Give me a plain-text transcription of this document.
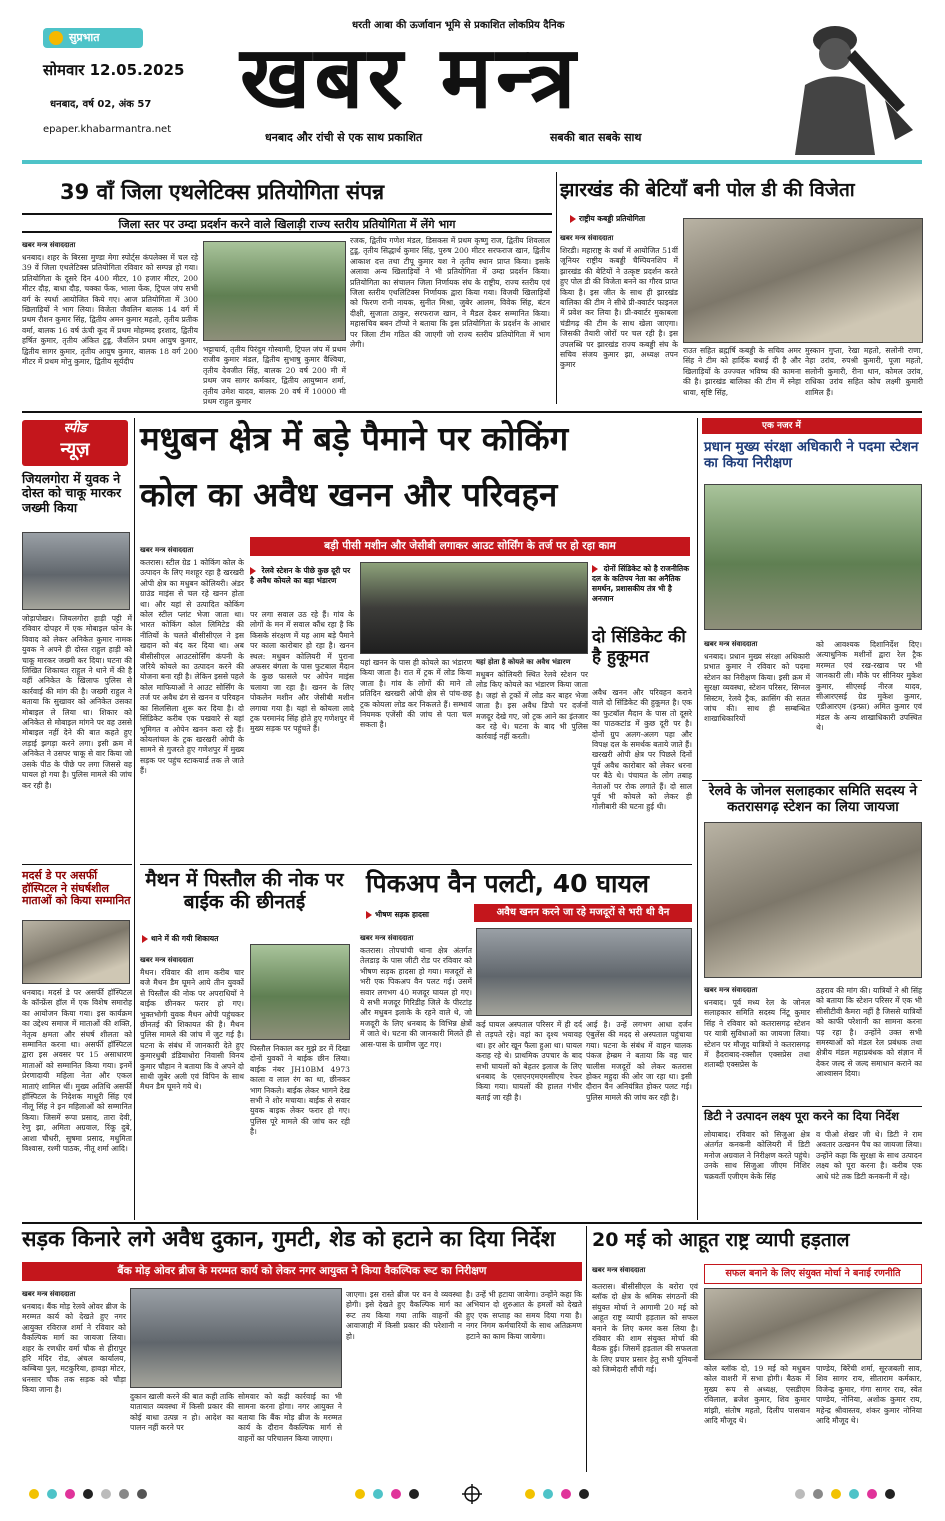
सुप्रभात
सोमवार 12.05.2025
धनबाद, वर्ष 02, अंक 57
epaper.khabarmantra.net
धरती आबा की ऊर्जावान भूमि से प्रकाशित लोकप्रिय दैनिक
खबर मन्त्र
धनबाद और रांची से एक साथ प्रकाशित	सबकी बात सबके साथ
39 वॉं जिला एथलेटिक्स प्रतियोगिता संपन्न
जिला स्तर पर उम्दा प्रदर्शन करने वाले खिलाड़ी राज्य स्तरीय प्रतियोगिता में लेंगे भाग
खबर मन्त्र संवाददाता
धनबाद। शहर के बिरसा मुण्डा मेगा स्पोर्ट्स कंपलेक्स में चल रहे 39 वें जिला एथलेटिक्स प्रतियोगिता रविवार को सम्पन्न हो गया। प्रतियोगिता के दूसरे दिन 400 मीटर, 10 हजार मीटर, 200 मीटर दौड़, बाधा दौड़, चक्का फेंक, भाला फेंक, ट्रिपल जंप सभी वर्ग के स्पर्धा आयोजित किये गए। आज प्रतियोगिता में 300 खिलाड़ियों ने भाग लिया। विजेता जैवलिन बालक 14 वर्ग में प्रथम रौशन कुमार सिंह, द्वितीय अमन कुमार महतो, तृतीय प्रतीक वर्मा, बालक 16 वर्ष ऊंची कूद में प्रथम मोहम्मद इरशाद, द्वितीय हर्षित कुमार, तृतीय अंकित टुडू, जैवलिन प्रथम आयुष कुमार, द्वितीय सागर कुमार, तृतीय आयुष कुमार, बालक 18 वर्ग 200 मीटर में प्रथम मोनु कुमार, द्वितीय सूर्यदीप
भट्टाचार्य, तृतीय पिरंदुम गोस्वामी, ट्रिपल जंप में प्रथम राजीव कुमार मंडल, द्वितीय सुभाषु कुमार वैश्विया, तृतीय देवजीत सिंह, बालक 20 वर्ष 200 मी में प्रथम जय सागर कर्मकार, द्वितीय आयुष्मान शर्मा, तृतीय उमेश यादव, बालक 20 वर्ष में 10000 मी प्रथम राहुल कुमार
रजक, द्वितीय गणेश मंडल, डिसकस में प्रथम कृष्णु राज, द्वितीय शिवलाल टुडू, तृतीय सिद्धार्थ कुमार सिंह, पुरुष 200 मीटर सरफराज खान, द्वितीय आकाश दत्त तथा टीपू कुमार यश ने तृतीय स्थान प्राप्त किया। इसके अलावा अन्य खिलाड़ियों ने भी प्रतियोगिता में उम्दा प्रदर्शन किया। प्रतियोगिता का संचालन जिला निर्णायक संघ के राष्ट्रीय, राज्य स्तरीय एवं जिला स्तरीय एथलिटिक्स निर्णायक द्वारा किया गया। विजयी खिलाड़ियों को फिरण रानी नायक, सुनीत मिश्रा, जुबेर आलम, विवेक सिंह, बंटन दीक्षी, सुजाता ठाकुर, सरफराज खान, ने मैडल देकर सम्मानित किया। महासचिव बबन टॉप्पो ने बताया कि इस प्रतियोगिता के प्रदर्शन के आधार पर जिला टीम गठित की जाएगी जो राज्य स्तरीय प्रतियोगिता में भाग लेगी।
झारखंड की बेटियाँ बनी पोल डी की विजेता
राष्ट्रीय कबड्डी प्रतियोगिता
खबर मन्त्र संवाददाता
शिरडी। महाराष्ट्र के वर्धा में आयोजित 51वीं जूनियर राष्ट्रीय कबड्डी चैम्पियनशिप में झारखंड की बेटियों ने उत्कृष्ट प्रदर्शन करते हुए पोल डी की विजेता बनने का गौरव प्राप्त किया है। इस जीत के साथ ही झारखंड बालिका की टीम ने सीधे प्री-क्वार्टर फाइनल में प्रवेश कर लिया है। प्री-क्वार्टर मुकाबला चंडीगढ़ की टीम के साथ खेला जाएगा। जिसकी तैयारी जोरों पर चल रही है। इस उपलब्धि पर झारखंड राज्य कबड्डी संघ के सचिव संजय कुमार झा, अध्यक्ष तपन कुमार
राउत सहित ब्रह्मर्षि कबड्डी के सचिव अमर सिंह ने टीम को हार्दिक बधाई दी है और खिलाड़ियों के उज्ज्वल भविष्य की कामना की है। झारखंड बालिका की टीम में स्नेहा धावा, सृष्टि सिंह,
मुस्कान गुप्ता, रेखा महतो, सलोनी राणा, नेहा उरांव, रुपश्री कुमारी, पूजा महतो, सलोनी कुमारी, रीना थान, कोमल उरांव, राधिका उरांव सहित कोच लक्ष्मी कुमारी शामिल हैं।
स्पीड
न्यूज़
जियलगोरा में युवक ने दोस्त को चाकू मारकर जख्मी किया
जोड़ापोखर। जियलगोरा हाड़ी पट्टी में रविवार दोपहर में एक मोबाइल फोन के विवाद को लेकर अनिकेत कुमार नामक युवक ने अपने ही दोस्त राहुल हाड़ी को चाकू मारकर जख्मी कर दिया। घटना की लिखित शिकायत राहुल ने थाने में की है वहीं अनिकेत के खिलाफ पुलिस से कार्रवाई की मांग की है। जख्मी राहुल ने बताया कि सुखावर को अनिकेत उसका मोबाइल ले लिया था। शिकार को अनिकेत से मोबाइल मांगने पर वह उससे मोबाइल नहीं देने की बात कहते हुए लड़ाई झगड़ा करने लगा। इसी क्रम में अनिकेत ने उसपर चाकू से वार किया जो उसके पीठ के पीछे पर लगा जिससे वह घायल हो गया है। पुलिस मामले की जांच कर रही है।
मदर्स डे पर असर्फी हॉस्पिटल ने संघर्षशील माताओं को किया सम्मानित
धनबाद। मदर्स डे पर असर्फी हॉस्पिटल के कॉन्फ्रेंस हॉल में एक विशेष समारोह का आयोजन किया गया। इस कार्यक्रम का उद्देश्य समाज में माताओं की शक्ति, नेतृत्व क्षमता और संघर्ष शीलता को सम्मानित करना था। असर्फी हॉस्पिटल द्वारा इस अवसर पर 15 असाधारण माताओं को सम्मानित किया गया। इनमें प्रेरणादायी महिला नेता और एकल माताएं शामिल थीं। मुख्य अतिथि असर्फी हॉस्पिटल के निदेशक माधुरी सिंह एवं नीलू सिंह ने इन महिलाओं को सम्मानित किया। जिसमें रूपा प्रसाद, तारा देवी, रेणु झा, अमिता अग्रवाल, रिंकू दुबे, आशा चौधरी, सुषमा प्रसाद, मधुमिता विश्वास, रश्मी पाठक, नीतू शर्मा आदि।
मधुबन क्षेत्र में बड़े पैमाने पर कोकिंग
कोल का अवैध खनन और परिवहन
बड़ी पीसी मशीन और जेसीबी लगाकर आउट सोर्सिंग के तर्ज पर हो रहा काम
खबर मन्त्र संवाददाता
कतरास। स्टील ग्रेड 1 कोकिंग कोल के उत्पादन के लिए मशहूर रहा है खरखरी ओपी क्षेत्र का मधुबन कोलियरी। अंडर ग्राउंड माइंस से चल रहे खनन होता था। और यहां से उत्पादित कोकिंग कोल स्टील प्लांट भेजा जाता था। भारत कोकिंग कोल लिमिटेड की नीतियों के चलते बीसीसीएल ने इस खदान को बंद कर दिया था। अब बीसीसीएल आउटसोर्सिंग कंपनी के जरिये कोयले का उत्पादन करने की योजना बना रही है। लेकिन इससे पहले कोल माफियाओं ने आउट सोर्सिंग के तर्ज पर अवैध ढंग से खनन व परिवहन का सिलसिला शुरू कर दिया है। दो सिंडिकेट करीब एक पखवारे से यहां भूमिगत व ओपेन खनन करा रहे हैं। कोयलांचल के ट्रक खरखरी ओपी के सामने से गुजरते हुए गणेशपुर में मुख्य सड़क पर पहुंच स्टाकयार्ड तक ले जाते हैं।
रेलवे स्टेशन के पीछे कुछ दूरी पर है अवैध कोयले का बड़ा भंडारण
पर लगा सवाल उठ रहे हैं। गांव के लोगों के मन में सवाल कौंध रहा है कि किसके संरक्षण में यह आम बड़े पैमाने पर काला कारोबार हो रहा है। खनन स्थल: मधुबन कोलियरी में पुराना अफसर बंगला के पास फुटबाल मैदान के कुछ फासले पर ओपेन माइंस चलाया जा रहा है। खनन के लिए पोकलेन मशीन और जेसीबी मशीन लगाया गया है। यहां से कोयला लादे ट्रक परमानंद सिंह होते हुए गणेशपुर में मुख्य सड़क पर पहुंचते हैं।
यहां खनन के पास ही कोयले का भंडारण किया जाता है। रात में ट्रक में लोड किया जाता है। गांव के लोगों की माने तो प्रतिदिन खरखरी ओपी क्षेत्र से पांच-छह ट्रक कोयला लोड कर निकलते हैं। सम्भावं नियमक एजेंसी की जांच से पता चल सकता है।
यहां होता है कोयले का अवैध भंडारण
मधुबन कोलियरी स्थित रेलवे स्टेशन पर लोड किए कोयले का भंडारण किया जाता है। जहां से ट्रकों में लोड कर बाहर भेजा जाता है। इस अवैध डिपो पर दर्जनों मजदूर देखे गए, जो ट्रक आने का इंतजार कर रहे थे। घटना के बाद भी पुलिस कार्रवाई नहीं करती।
दोनों सिंडिकेट को है राजनीतिक दल के कतिपय नेता का अनैतिक समर्थन, प्रशासकीय तंत्र भी है अनजान
दो सिंडिकेट की है हुकूमत
अवैध खनन और परिवहन कराने वाले दो सिंडिकेट की हुकूमत है। एक का फुटबॉल मैदान के पास तो दूसरे का पाठकटांड में कुछ दूरी पर है। दोनों ग्रुप अलग-अलग पहा और विपक्ष दल के समर्थक बताये जाते हैं। खरखरी ओपी क्षेत्र पर पिछले दिनों पूर्व अवैध कारोबार को लेकर धरना पर बैठे थे। पंचायत के लोग तबाह नेताओं पर रोक लगाते हैं। दो साल पूर्व भी कोयले को लेकर ही गोलीबारी की घटना हुई थी।
मैथन में पिस्तौल की नोक पर बाईक की छीनतई
थाने में की गयी शिकायत
खबर मन्त्र संवाददाता
मैथन। रविवार की शाम करीब चार बजे मैथन डैम घूमने आये तीन युवकों से पिस्तौल की नोक पर अपराधियों ने बाईक छीनकर फरार हो गए। भुक्तभोगी युवक मैथन ओपी पहुंचकर छीनतई की शिकायत की है। मैथन पुलिस मामले की जांच में जुट गई है। घटना के संबंध में जानकारी देते हुए कुमारधुबी डंडियाधोरा निवासी विनय कुमार चौहान ने बताया कि वे अपने दो साथी जुबेर अली एवं विपिन के साथ मैथन डैम घूमने गये थे।
पिस्तौल निकाल कर मुझे डर में दिखा दोनों युवकों ने बाईक छीन लिया। बाईक नंबर JH10BM 4973 काला व लाल रंग का था, छीनकर भाग निकले। बाईक लेकर भागने देख सभी ने शोर मचाया। बाईक से सवार युवक बाइक लेकर फरार हो गए। पुलिस पूरे मामले की जांच कर रही है।
पिकअप वैन पलटी, 40 घायल
भीषण सड़क हादसा	अवैध खनन करने जा रहे मजदूरों से भरी थी वैन
खबर मन्त्र संवाददाता
कतरास। तोपचांची थाना क्षेत्र अंतर्गत तेलडाड़ के पास जीटी रोड पर रविवार को भीषण सड़क हादसा हो गया। मजदूरों से भरी एक पिकअप वैन पलट गई। उसमें सवार लगभग 40 मजदूर घायल हो गए। ये सभी मजदूर गिरिडीह जिले के पीरटांड़ और मधुबन इलाके के रहने वाले थे, जो मजदूरी के लिए धनबाद के विभिन्न क्षेत्रों में जाते थे। घटना की जानकारी मिलते ही आस-पास के ग्रामीण जुट गए।
कई घायल अस्पताल परिसर में ही दर्द से तड़पते रहे। वहां का दृश्य भयावह था। हर ओर खून फैला हुआ था। घायल कराह रहे थे। प्राथमिक उपचार के बाद सभी घायलों को बेहतर इलाज के लिए धनबाद के एसएनएमएमसीएच रेफर किया गया। घायलों की हालत गंभीर बताई जा रही है।
आई है। उन्हें लगभग आधा दर्जन एंबुलेंस की मदद से अस्पताल पहुंचाया गया। घटना के संबंध में वाहन चालक पंकज हेम्ब्रम ने बताया कि वह चार चालीस मजदूरों को लेकर कतरास होकर महुदा की ओर जा रहा था। इसी दौरान वैन अनियंत्रित होकर पलट गई। पुलिस मामले की जांच कर रही है।
एक नजर में
प्रधान मुख्य संरक्षा अधिकारी ने पदमा स्टेशन का किया निरीक्षण
खबर मन्त्र संवाददाता
धनबाद। प्रधान मुख्य संरक्षा अधिकारी प्रभात कुमार ने रविवार को पदमा स्टेशन का निरीक्षण किया। इसी क्रम में सुरक्षा व्यवस्था, स्टेशन परिसर, सिग्नल सिस्टम, रेलवे ट्रैक, क्रासिंग की सतत जांच की। साथ ही सम्बन्धित शाखाधिकारियों
को आवश्यक दिशानिर्देश दिए। अत्याधुनिक मशीनों द्वारा रेल ट्रैक मरम्मत एवं रख-रखाव पर भी जानकारी ली। मौके पर सीनियर मुकेश कुमार, सीएसई नीरज यादव, सीआरएसई ग्रेड मुकेश कुमार, एडीआरएम (इन्फ्रा) अमित कुमार एवं मंडल के अन्य शाखाधिकारी उपस्थित थे।
रेलवे के जोनल सलाहकार समिति सदस्य ने कतरासगढ़ स्टेशन का लिया जायजा
खबर मन्त्र संवाददाता
धनबाद। पूर्व मध्य रेल के जोनल सलाहकार समिति सदस्य निंटू कुमार सिंह ने रविवार को कतरासगढ़ स्टेशन पर यात्री सुविधाओं का जायजा लिया। स्टेशन पर मौजूद यात्रियों ने कतरासगढ़ में हैदराबाद-रक्सौल एक्सप्रेस तथा शताब्दी एक्सप्रेस के
ठहराव की मांग की। यात्रियों ने श्री सिंह को बताया कि स्टेशन परिसर में एक भी सीसीटीवी कैमरा नहीं है जिससे यात्रियों को काफी परेशानी का सामना करना पड़ रहा है। उन्होंने उक्त सभी समस्याओं को मंडल रेल प्रबंधक तथा क्षेत्रीय मंडल महाप्रबंधक को संज्ञान में देकर जल्द से जल्द समाधान कराने का आश्वासन दिया।
डिटी ने उत्पादन लक्ष्य पूरा करने का दिया निर्देश
लोयाबाद। रविवार को सिजुआ क्षेत्र अंतर्गत कनकनी कोलियरी में डिटी मनोज अग्रवाल ने निरीक्षण करते पहुंचे। उनके साथ सिजुआ जीएम निशिर चक्रवर्ती एजीएम केके सिंह
व पीओ शेखर जी थे। डिटी ने राम अवतार उत्खनन पैच का जायजा लिया। उन्होंने कहा कि सुरक्षा के साथ उत्पादन लक्ष्य को पूरा करना है। करीब एक आधे घंटे तक डिटी कनकनी में रहे।
सड़क किनारे लगे अवैध दुकान, गुमटी, शेड को हटाने का दिया निर्देश
बैंक मोड़ ओवर ब्रीज के मरम्मत कार्य को लेकर नगर आयुक्त ने किया वैकल्पिक रूट का निरीक्षण
खबर मन्त्र संवाददाता
धनबाद। बैंक मोड़ रेलवे ओवर ब्रीज के मरम्मत कार्य को देखते हुए नगर आयुक्त रविराज शर्मा ने रविवार को वैकल्पिक मार्ग का जायजा लिया। शहर के रणधीर वर्मा चौक से हीरापुर हरि मंदिर रोड, अंचल कार्यालय, कम्बिया पुल, मटकुरिया, हावड़ा मोटर, धनसार चौक तक सड़क को चौड़ा किया जाना है।
दुकान खाली करने की बात कही ताकि यातायात व्यवस्था में किसी प्रकार की कोई बाधा उत्पन्न न हो। आदेश का पालन नहीं करने पर
सोमवार को कड़ी कार्रवाई का भी सामना करना होगा। नगर आयुक्त ने बताया कि बैंक मोड़ ब्रीज के मरम्मत कार्य के दौरान वैकल्पिक मार्ग से वाहनों का परिचालन किया जाएगा।
जाएगा। इस रास्ते ब्रीज पर वन वे व्यवस्था होगी। इसे देखते हुए वैकल्पिक मार्ग का रूट तय किया गया ताकि वाहनों की आवाजाही में किसी प्रकार की परेशानी न हो।
है। उन्हें भी हटाया जायेगा। उन्होंने कहा कि अभियान दो शुरुआत के हमलों को देखते हुए एक सप्ताह का समय दिया गया है। नगर निगम कर्मचारियों के साथ अतिक्रमण हटाने का काम किया जायेगा।
20 मई को आहूत राष्ट्र व्यापी हड़ताल
खबर मन्त्र संवाददाता	सफल बनाने के लिए संयुक्त मोर्चा ने बनाई रणनीति
कतरास। बीसीसीएल के बरोरा एवं ब्लॉक दो क्षेत्र के श्रमिक संगठनों की संयुक्त मोर्चा ने आगामी 20 मई को आहूत राष्ट्र व्यापी हड़ताल को सफल बनाने के लिए कमर कस लिया है। रविवार की शाम संयुक्त मोर्चा की बैठक हुई। जिसमें हड़ताल की सफलता के लिए प्रचार प्रसार हेतु सभी यूनियनों को जिम्मेदारी सौंपी गई।	कोल ब्लॉक दो, 19 मई को मधुबन कोल वाशरी में सभा होगी। बैठक में मुख्य रूप से अध्यक्ष, एसडीएम रविलाल, ब्रजेश कुमार, शिव कुमार मांझी, संतोष महतो, दिलीप पासवान आदि मौजूद थे।
पाण्डेय, बिरेंची शर्मा, सूरजबली साव, शिव सागर राय, सीताराम कर्मकार, विजेन्द्र कुमार, गंगा सागर राय, स्वेत पाण्डेय, नोनिया, अशोक कुमार राय, महेन्द्र श्रीवास्तव, शंकर कुमार नोनिया आदि मौजूद थे।
